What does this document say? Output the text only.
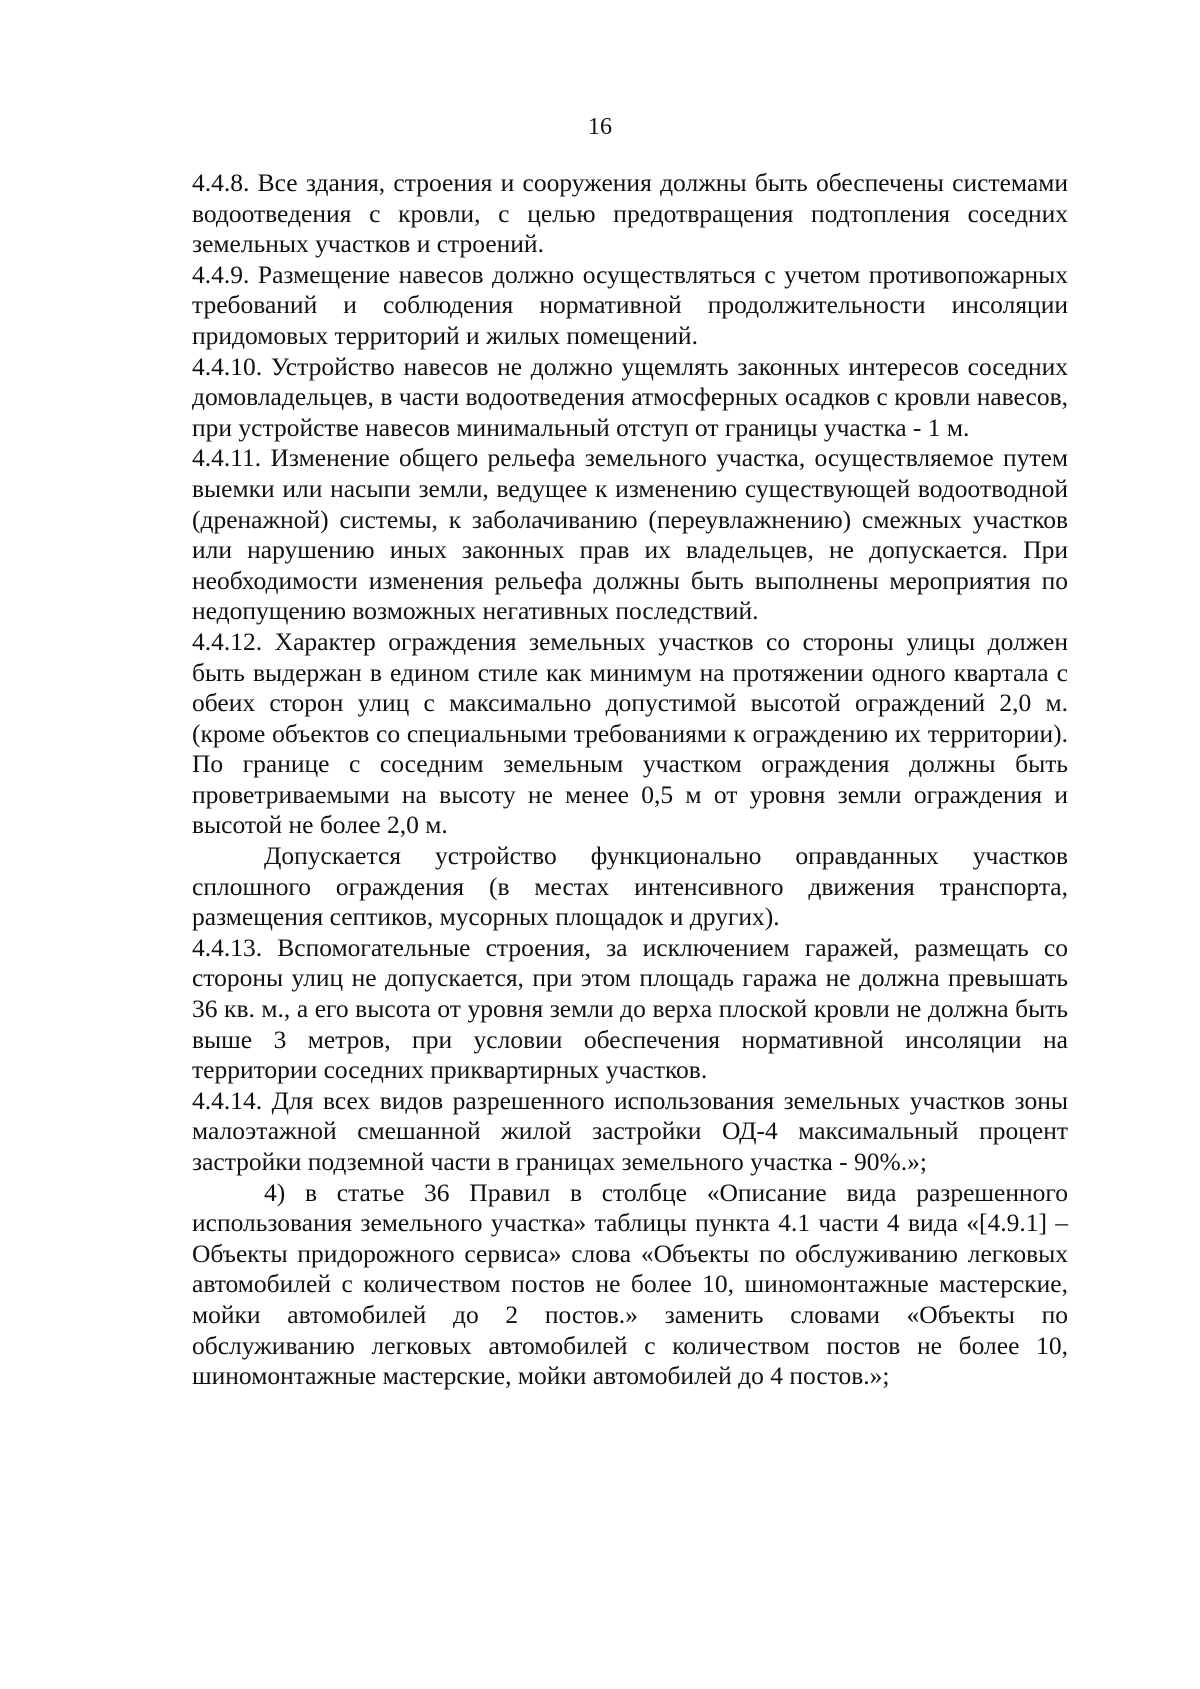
16

4.4.8. Все здания, строения и сооружения должны быть обеспечены системами водоотведения с кровли, с целью предотвращения подтопления соседних земельных участков и строений.

4.4.9. Размещение навесов должно осуществляться с учетом противопожарных требований и соблюдения нормативной продолжительности инсоляции придомовых территорий и жилых помещений.

4.4.10. Устройство навесов не должно ущемлять законных интересов соседних домовладельцев, в части водоотведения атмосферных осадков с кровли навесов, при устройстве навесов минимальный отступ от границы участка - 1 м.

4.4.11. Изменение общего рельефа земельного участка, осуществляемое путем выемки или насыпи земли, ведущее к изменению существующей водоотводной (дренажной) системы, к заболачиванию (переувлажнению) смежных участков или нарушению иных законных прав их владельцев, не допускается. При необходимости изменения рельефа должны быть выполнены мероприятия по недопущению возможных негативных последствий.

4.4.12. Характер ограждения земельных участков со стороны улицы должен быть выдержан в едином стиле как минимум на протяжении одного квартала с обеих сторон улиц с максимально допустимой высотой ограждений 2,0 м. (кроме объектов со специальными требованиями к ограждению их территории). По границе с соседним земельным участком ограждения должны быть проветриваемыми на высоту не менее 0,5 м от уровня земли ограждения и высотой не более 2,0 м.

Допускается устройство функционально оправданных участков сплошного ограждения (в местах интенсивного движения транспорта, размещения септиков, мусорных площадок и других).

4.4.13. Вспомогательные строения, за исключением гаражей, размещать со стороны улиц не допускается, при этом площадь гаража не должна превышать 36 кв. м., а его высота от уровня земли до верха плоской кровли не должна быть выше 3 метров, при условии обеспечения нормативной инсоляции на территории соседних приквартирных участков.

4.4.14. Для всех видов разрешенного использования земельных участков зоны малоэтажной смешанной жилой застройки ОД-4 максимальный процент застройки подземной части в границах земельного участка - 90%.»;

4) в статье 36 Правил в столбце «Описание вида разрешенного использования земельного участка» таблицы пункта 4.1 части 4 вида «[4.9.1] – Объекты придорожного сервиса» слова «Объекты по обслуживанию легковых автомобилей с количеством постов не более 10, шиномонтажные мастерские, мойки автомобилей до 2 постов.» заменить словами «Объекты по обслуживанию легковых автомобилей с количеством постов не более 10, шиномонтажные мастерские, мойки автомобилей до 4 постов.»;
